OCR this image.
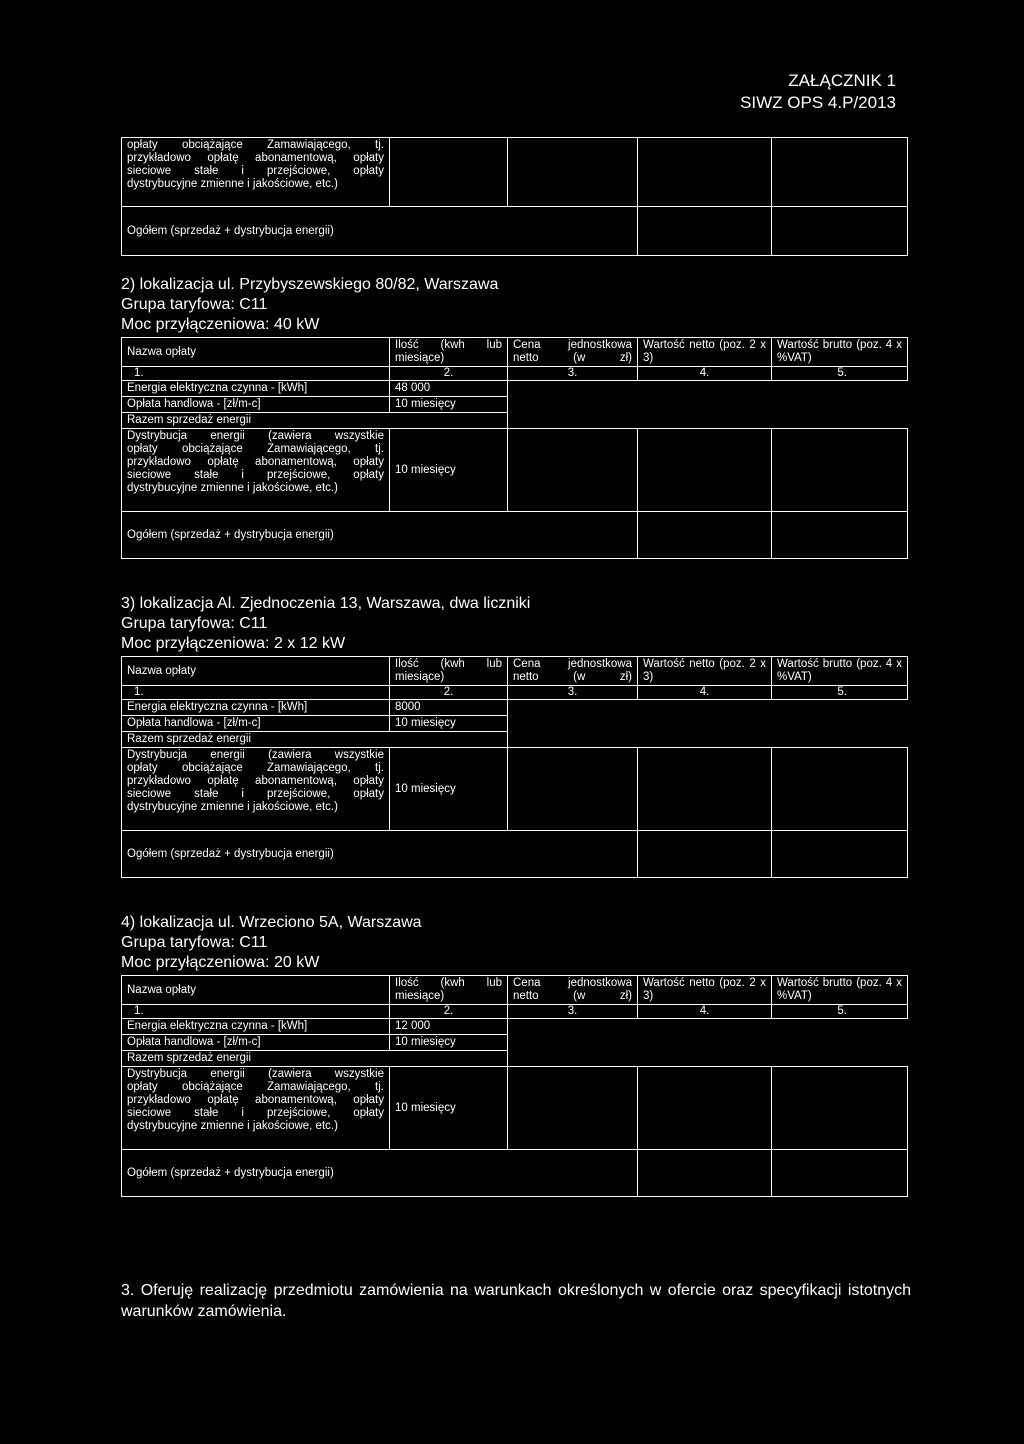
ZAŁĄCZNIK 1
SIWZ OPS 4.P/2013
opłaty obciążające Zamawiającego, tj.
przykładowo opłatę abonamentową, opłaty
sieciowe stałe i przejściowe, opłaty
dystrybucyjne zmienne i jakościowe, etc.)				

Ogółem (sprzedaż + dystrybucja energii)				
2) lokalizacja ul. Przybyszewskiego 80/82, Warszawa
Grupa taryfowa: C11
Moc przyłączeniowa: 40 kW
Nazwa opłaty	Ilość (kwh lub miesiące)	Cena jednostkowa netto (w zł)	Wartość netto (poz. 2 x 3)	Wartość brutto (poz. 4 x %VAT)
1.	2.	3.	4.	5.
Energia elektryczna czynna - [kWh]	48 000			
Opłata handlowa - [zł/m-c]	10 miesięcy			
Razem sprzedaż energii				

Dystrybucja energii (zawiera wszystkie
opłaty obciążające Zamawiającego, tj.
przykładowo opłatę abonamentową, opłaty
sieciowe stałe i przejściowe, opłaty
dystrybucyjne zmienne i jakościowe, etc.)	10 miesięcy			
Ogółem (sprzedaż + dystrybucja energii)				
3) lokalizacja Al. Zjednoczenia 13, Warszawa, dwa liczniki
Grupa taryfowa: C11
Moc przyłączeniowa: 2 x 12 kW
Nazwa opłaty	Ilość (kwh lub miesiące)	Cena jednostkowa netto (w zł)	Wartość netto (poz. 2 x 3)	Wartość brutto (poz. 4 x %VAT)
1.	2.	3.	4.	5.
Energia elektryczna czynna - [kWh]	8000			
Opłata handlowa - [zł/m-c]	10 miesięcy			
Razem sprzedaż energii				

Dystrybucja energii (zawiera wszystkie
opłaty obciążające Zamawiającego, tj.
przykładowo opłatę abonamentową, opłaty
sieciowe stałe i przejściowe, opłaty
dystrybucyjne zmienne i jakościowe, etc.)	10 miesięcy			
Ogółem (sprzedaż + dystrybucja energii)				
4) lokalizacja ul. Wrzeciono 5A, Warszawa
Grupa taryfowa: C11
Moc przyłączeniowa: 20 kW
Nazwa opłaty	Ilość (kwh lub miesiące)	Cena jednostkowa netto (w zł)	Wartość netto (poz. 2 x 3)	Wartość brutto (poz. 4 x %VAT)
1.	2.	3.	4.	5.
Energia elektryczna czynna - [kWh]	12 000			
Opłata handlowa - [zł/m-c]	10 miesięcy			
Razem sprzedaż energii				

Dystrybucja energii (zawiera wszystkie
opłaty obciążające Zamawiającego, tj.
przykładowo opłatę abonamentową, opłaty
sieciowe stałe i przejściowe, opłaty
dystrybucyjne zmienne i jakościowe, etc.)	10 miesięcy			
Ogółem (sprzedaż + dystrybucja energii)				
3. Oferuję realizację przedmiotu zamówienia na warunkach określonych w ofercie oraz specyfikacji istotnych
warunków zamówienia.
